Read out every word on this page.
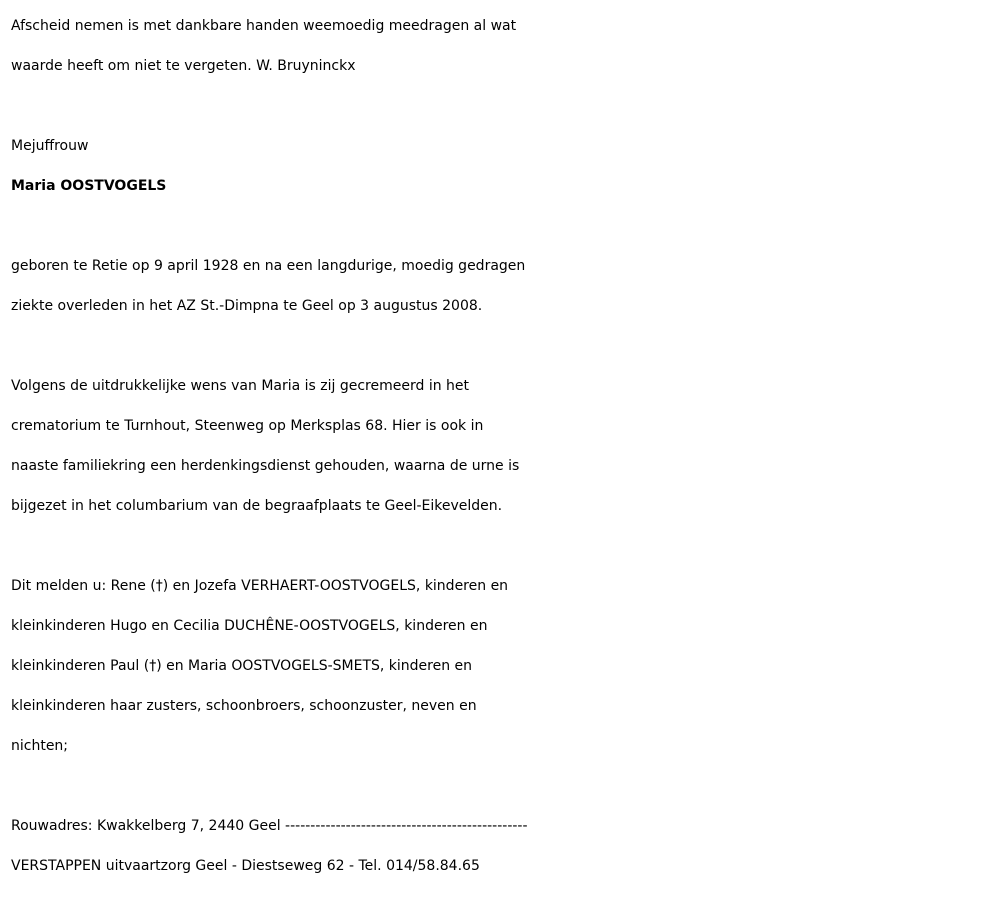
Afscheid nemen is met dankbare handen weemoedig meedragen al wat
waarde heeft om niet te vergeten. W. Bruyninckx
Mejuffrouw
Maria OOSTVOGELS
geboren te Retie op 9 april 1928 en na een langdurige, moedig gedragen
ziekte overleden in het AZ St.-Dimpna te Geel op 3 augustus 2008.
Volgens de uitdrukkelijke wens van Maria is zij gecremeerd in het
crematorium te Turnhout, Steenweg op Merksplas 68. Hier is ook in
naaste familiekring een herdenkingsdienst gehouden, waarna de urne is
bijgezet in het columbarium van de begraafplaats te Geel-Eikevelden.
Dit melden u: Rene (†) en Jozefa VERHAERT-OOSTVOGELS, kinderen en
kleinkinderen Hugo en Cecilia DUCHÊNE-OOSTVOGELS, kinderen en
kleinkinderen Paul (†) en Maria OOSTVOGELS-SMETS, kinderen en
kleinkinderen haar zusters, schoonbroers, schoonzuster, neven en
nichten;
Rouwadres: Kwakkelberg 7, 2440 Geel ------------------------------------------------
VERSTAPPEN uitvaartzorg Geel - Diestseweg 62 - Tel. 014/58.84.65
